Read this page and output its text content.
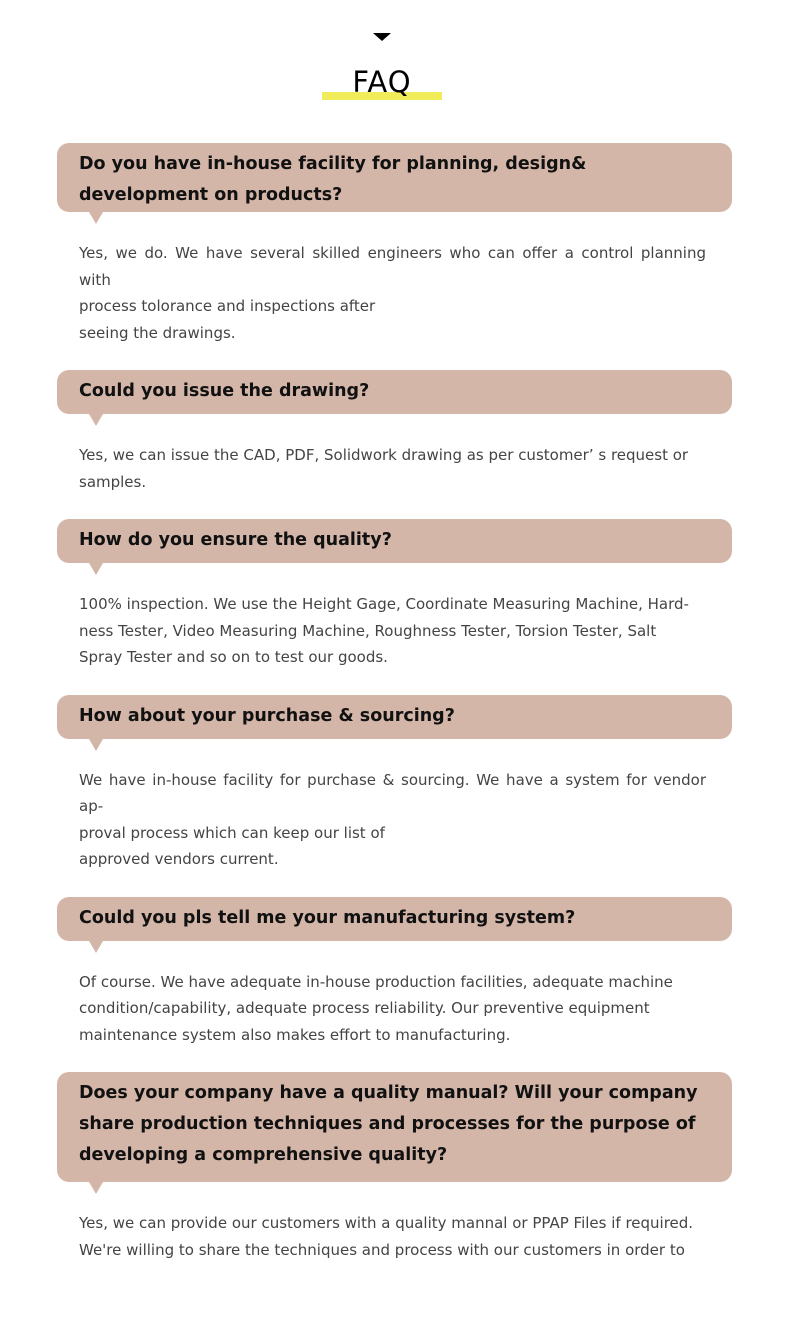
FAQ
Do you have in-house facility for planning, design& development on products?
Yes, we do. We have several skilled engineers who can offer a control planning with
process tolorance and inspections after
seeing the drawings.
Could you issue the drawing?
Yes, we can issue the CAD, PDF, Solidwork drawing as per customer’ s request or
samples.
How do you ensure the quality?
100% inspection. We use the Height Gage, Coordinate Measuring Machine, Hard-
ness Tester, Video Measuring Machine, Roughness Tester, Torsion Tester, Salt
Spray Tester and so on to test our goods.
How about your purchase & sourcing?
We have in-house facility for purchase & sourcing. We have a system for vendor ap-
proval process which can keep our list of
approved vendors current.
Could you pls tell me your manufacturing system?
Of course. We have adequate in-house production facilities, adequate machine
condition/capability, adequate process reliability. Our preventive equipment
maintenance system also makes effort to manufacturing.
Does your company have a quality manual? Will your company share production techniques and processes for the purpose of developing a comprehensive quality?
Yes, we can provide our customers with a quality mannal or PPAP Files if required.
We're willing to share the techniques and process with our customers in order to
